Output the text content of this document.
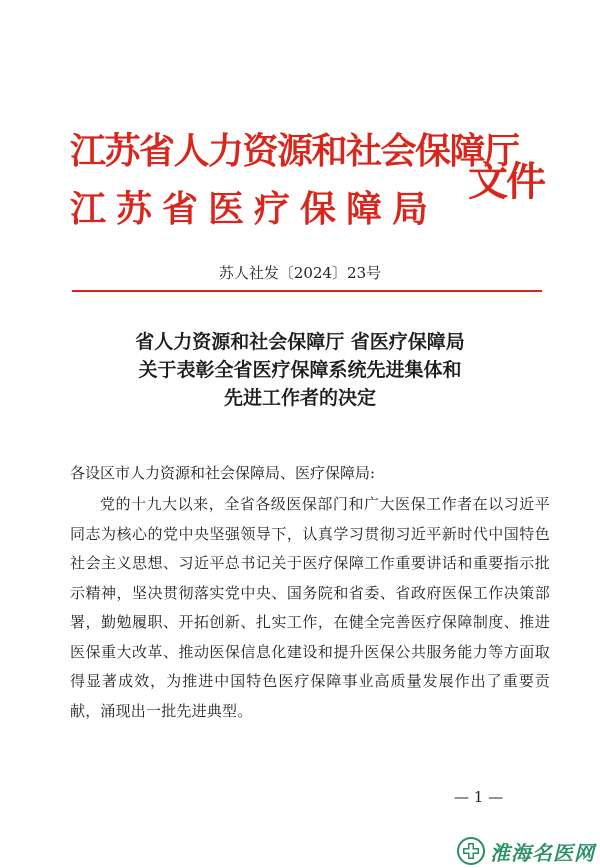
江苏省人力资源和社会保障厅
江苏省医疗保障局
文件
苏人社发〔2024〕23号
省人力资源和社会保障厅 省医疗保障局
关于表彰全省医疗保障系统先进集体和
先进工作者的决定
各设区市人力资源和社会保障局、医疗保障局:
党的十九大以来，全省各级医保部门和广大医保工作者在以习近平同志为核心的党中央坚强领导下，认真学习贯彻习近平新时代中国特色社会主义思想、习近平总书记关于医疗保障工作重要讲话和重要指示批示精神，坚决贯彻落实党中央、国务院和省委、省政府医保工作决策部署，勤勉履职、开拓创新、扎实工作，在健全完善医疗保障制度、推进医保重大改革、推动医保信息化建设和提升医保公共服务能力等方面取得显著成效，为推进中国特色医疗保障事业高质量发展作出了重要贡献，涌现出一批先进典型。
— 1 —
淮海名医网
